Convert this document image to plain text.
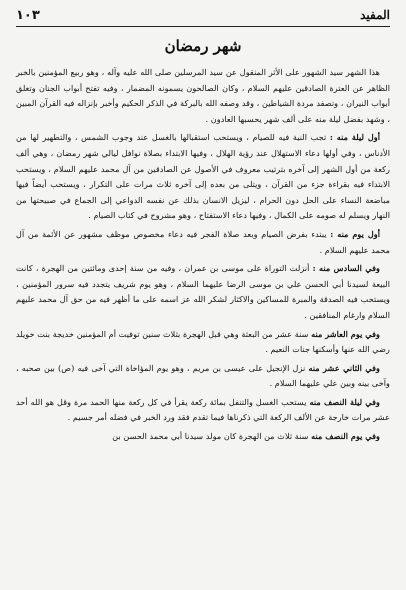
المفيد
١٠٣
شهر رمضان

هذا الشهر سيد الشهور على الأثر المنقول عن سيد المرسلين صلى الله عليه وآله ، وهو ربيع المؤمنين بالخبر الظاهر عن العترة الصادقين عليهم السلام ، وكان الصالحون يسمونه المضمار ، وفيه تفتح أبواب الجنان وتغلق أبواب النيران ، وتصفد مردة الشياطين ، وقد وصفه الله بالبركة في الذكر الحكيم وأخبر بإنزاله فيه القرآن المبين ، وشهد بفضل ليلة منه على ألف شهر يحسبها العادون .

أول ليلة منه : تجب النية فيه للصيام ، ويستحب استقبالها بالغسل عند وجوب الشمس ، والتطهير لها من الأدناس ، وفي أولها دعاء الاستهلال عند رؤية الهلال ، وفيها الابتداء بصلاة نوافل ليالي شهر رمضان ، وهي ألف ركعة من أول الشهر إلى آخره بترتيب معروف في الأصول عن الصادقين من آل محمد عليهم السلام ، ويستحب الابتداء فيه بقراءة جزء من القرآن ، ويتلى من بعده إلى آخره ثلاث مرات على التكرار ، ويستحب أيضاً فيها مباضعة النساء على الحل دون الحرام ، ليزيل الانسان بذلك عن نفسه الدواعي إلى الجماع في صبيحتها من النهار ويسلم له صومه على الكمال ، وفيها دعاء الاستفتاح ، وهو مشروح في كتاب الصيام .

أول يوم منه : يبتدء بفرض الصيام وبعد صلاة الفجر فيه دعاء مخصوص موظف مشهور عن الأئمة من آل محمد عليهم السلام .

وفي السادس منه : أنزلت التوراة على موسى بن عمران ، وفيه من سنة إحدى ومائتين من الهجرة ، كانت البيعة لسيدنا أبي الحسن علي بن موسى الرضا عليهما السلام ، وهو يوم شريف يتجدد فيه سرور المؤمنين ، ويستحب فيه الصدقة والمبرة للمساكين والاكثار لشكر الله عز اسمه على ما أظهر فيه من حق آل محمد عليهم السلام وارغام المنافقين .

وفي يوم العاشر منه سنة عشر من البعثة وهي قبل الهجرة بثلاث سنين توفيت أم المؤمنين خديجة بنت خويلد رضي الله عنها وأسكنها جنات النعيم .

وفي الثاني عشر منه نزل الإنجيل على عيسى بن مريم ، وهو يوم المؤاخاة التي آخى فيه (ص) بين صحبه ، وآخى بينه وبين علي عليهما السلام .

وفي ليلة النصف منه يستحب الغسل والتنفل بمائة ركعة يقرأ في كل ركعة منها الحمد مرة وقل هو الله أحد عشر مرات خارجة عن الألف الركعة التي ذكرناها فيما تقدم فقد ورد الخبر في فضله أمر جسيم .

وفي يوم النصف منه سنة ثلاث من الهجرة كان مولد سيدنا أبي محمد الحسن بن
